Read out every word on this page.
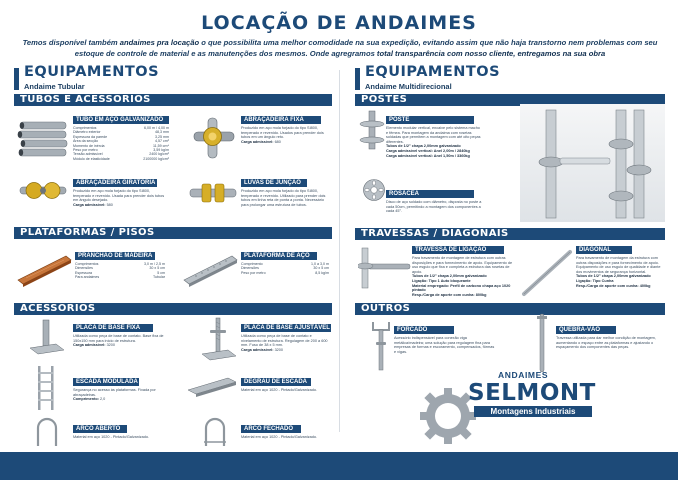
LOCAÇÃO DE ANDAIMES
Temos disponível também andaimes pra locação o que possibilita uma melhor comodidade na sua expedição, evitando assim que não haja transtorno nem problemas com seu estoque de controle de material e as manutenções dos mesmos. Onde agregramos total transparência com nosso cliente, entregamos na sua obra
EQUIPAMENTOS
Andaime Tubular
EQUIPAMENTOS
Andaime Multidirecional
TUBOS E ACESSÓRIOS
TUBO EM AÇO GALVANIZADO
Comprimentos	6,00 m / 4,00 m
Diâmetro exterior	48,3 mm
Espessura da parede	3,25 mm
Área da secção	4,57 cm²
Momento de inércia	11,59 cm⁴
Peso por metro	3,59 kg/m
Tensão admissível	2400 kg/cm²
Módulo de elasticidade	2100000 kg/cm²
ABRAÇADEIRA FIXA
Produzido em aço mola forjado do tipo SI800, temperado e revenido. Usados para prender dois tubos em um ângulo reto.
Carga admissível: 680
ABRAÇADEIRA GIRATÓRIA
Produzido em aço mola forjado do tipo SI800, temperado e revenido. Usada para prender dois tubos em ângulo desejado.
Carga admissível: 580
LUVAS DE JUNÇÃO
Produzido em aço mola forjado do tipo SI800, temperado e revenido. Utilizado para prender dois tubos em linha reta de ponta a ponta. Necessário para prolongar uma estrutura de tubos.
PLATAFORMAS / PISOS
PRANCHÃO DE MADEIRA
Comprimentos	3,0 m / 2,5 m
Dimensões	30 x 5 cm
Espessura	5 cm
Para andaimes	Tubular
PLATAFORMA DE AÇO
Comprimento	1,0 a 3,0 m
Dimensões	30 x 5 cm
Peso por metro	8,5 kg/m
ACESSÓRIOS
PLACA DE BASE FIXA
Utilizada como peça de base de contato. Base fixa de 150x150 mm para início de estrutura.
Carga admissível: 3200
PLACA DE BASE AJUSTÁVEL
Utilizada como peça de base de contato e nivelamento de estrutura. Regulagem de 200 a 600 mm. Fuso de 38 x 5 mm.
Carga admissível: 3200
ESCADA MODULADA
Segurança no acesso às plataformas. Fixada por abraçadeiras.
Comprimento: 2,0
DEGRAU DE ESCADA
Material em aço 1020 - Pintado/Galvanizado.
ARCO ABERTO
Material em aço 1020 - Pintado/Galvanizado.
ARCO FECHADO
Material em aço 1020 - Pintado/Galvanizado.
POSTES
POSTE
Elemento modular vertical, encaixe pelo sistema macho e fêmea. Para montagem da andaima com rosetas soldadas que permitem a montagem com até oito peças diferentes.
Tubos de 1/2" chapa 2,00mm galvanizado
Carga admissível vertical: Anel 2,00m / 2840kg
Carga admissível vertical: Anel 1,50m / 3360kg
ROSÁCEA
Disco de aço soldado com diâmetro, disposta no poste a cada 50cm, permitindo a montagem dos componentes a cada 45°.
TRAVESSAS / DIAGONAIS
TRAVESSA DE LIGAÇÃO
Para travamento de montagem de estrutura com outras disposições e para fornecimento de apoio. Equipamento de uso esguio que fixa e completa a estrutura das rosetas de apoio.
Tubos de 1/2" chapa 2,00mm galvanizado
Ligação: Tipo 1 Auto bloqueante
Material empregado: Perfil de carbono chapa aço 1020 pintado
Resp./Carga de aporte com cunha: 800kg
DIAGONAL
Para travamento de montagem da estrutura com outras disposições e para fornecimento de apoio. Equipamento de uso esguio de qualidade e diante dos movimentos de segurança horizontal.
Tubos de 1/2" chapa 2,00mm galvanizado
Ligação: Tipo Cunha
Resp./Carga de aporte com cunha: 400kg
OUTROS
FORCADO
Acessório indispensável para conexão viga metálica/madeira; uma solução para regulagem fina para empresas de formas e escoramento, compensados, fôrmas e vigas.
QUEBRA-VÃO
Travessa utilizada para dar melhor condição de montagem, aumentando o espaço entre as plataformas e ajustando o espaçamento dos componentes das peças.
ANDAIMES
SELMONT
Montagens Industriais
